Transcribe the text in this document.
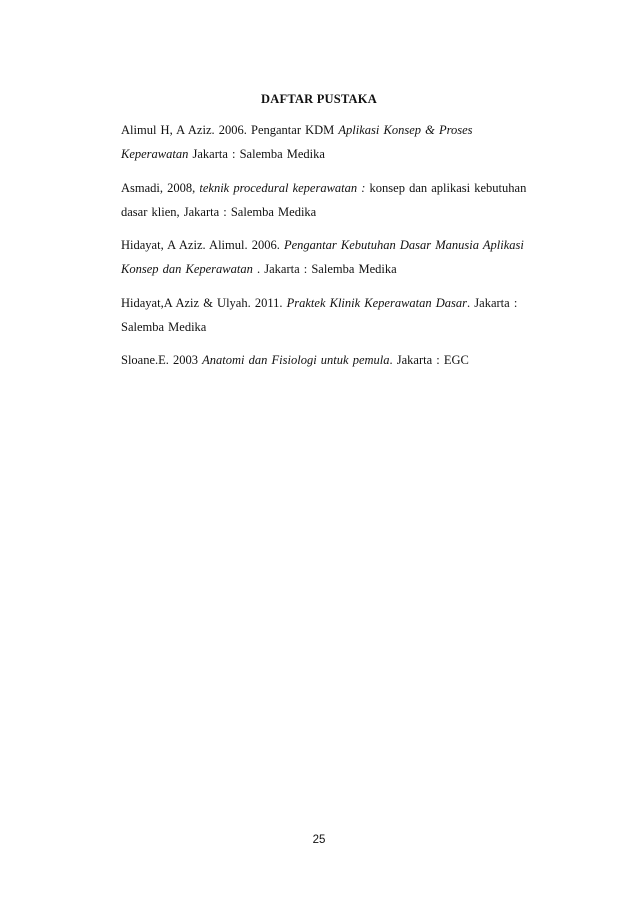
DAFTAR PUSTAKA
Alimul H, A Aziz. 2006. Pengantar KDM Aplikasi Konsep & Proses Keperawatan Jakarta : Salemba Medika
Asmadi, 2008, teknik procedural keperawatan : konsep dan aplikasi kebutuhan dasar klien, Jakarta : Salemba Medika
Hidayat, A Aziz. Alimul. 2006. Pengantar Kebutuhan Dasar Manusia Aplikasi Konsep dan Keperawatan . Jakarta : Salemba Medika
Hidayat,A Aziz & Ulyah. 2011. Praktek Klinik Keperawatan Dasar. Jakarta : Salemba Medika
Sloane.E. 2003 Anatomi dan Fisiologi untuk pemula. Jakarta : EGC

25
